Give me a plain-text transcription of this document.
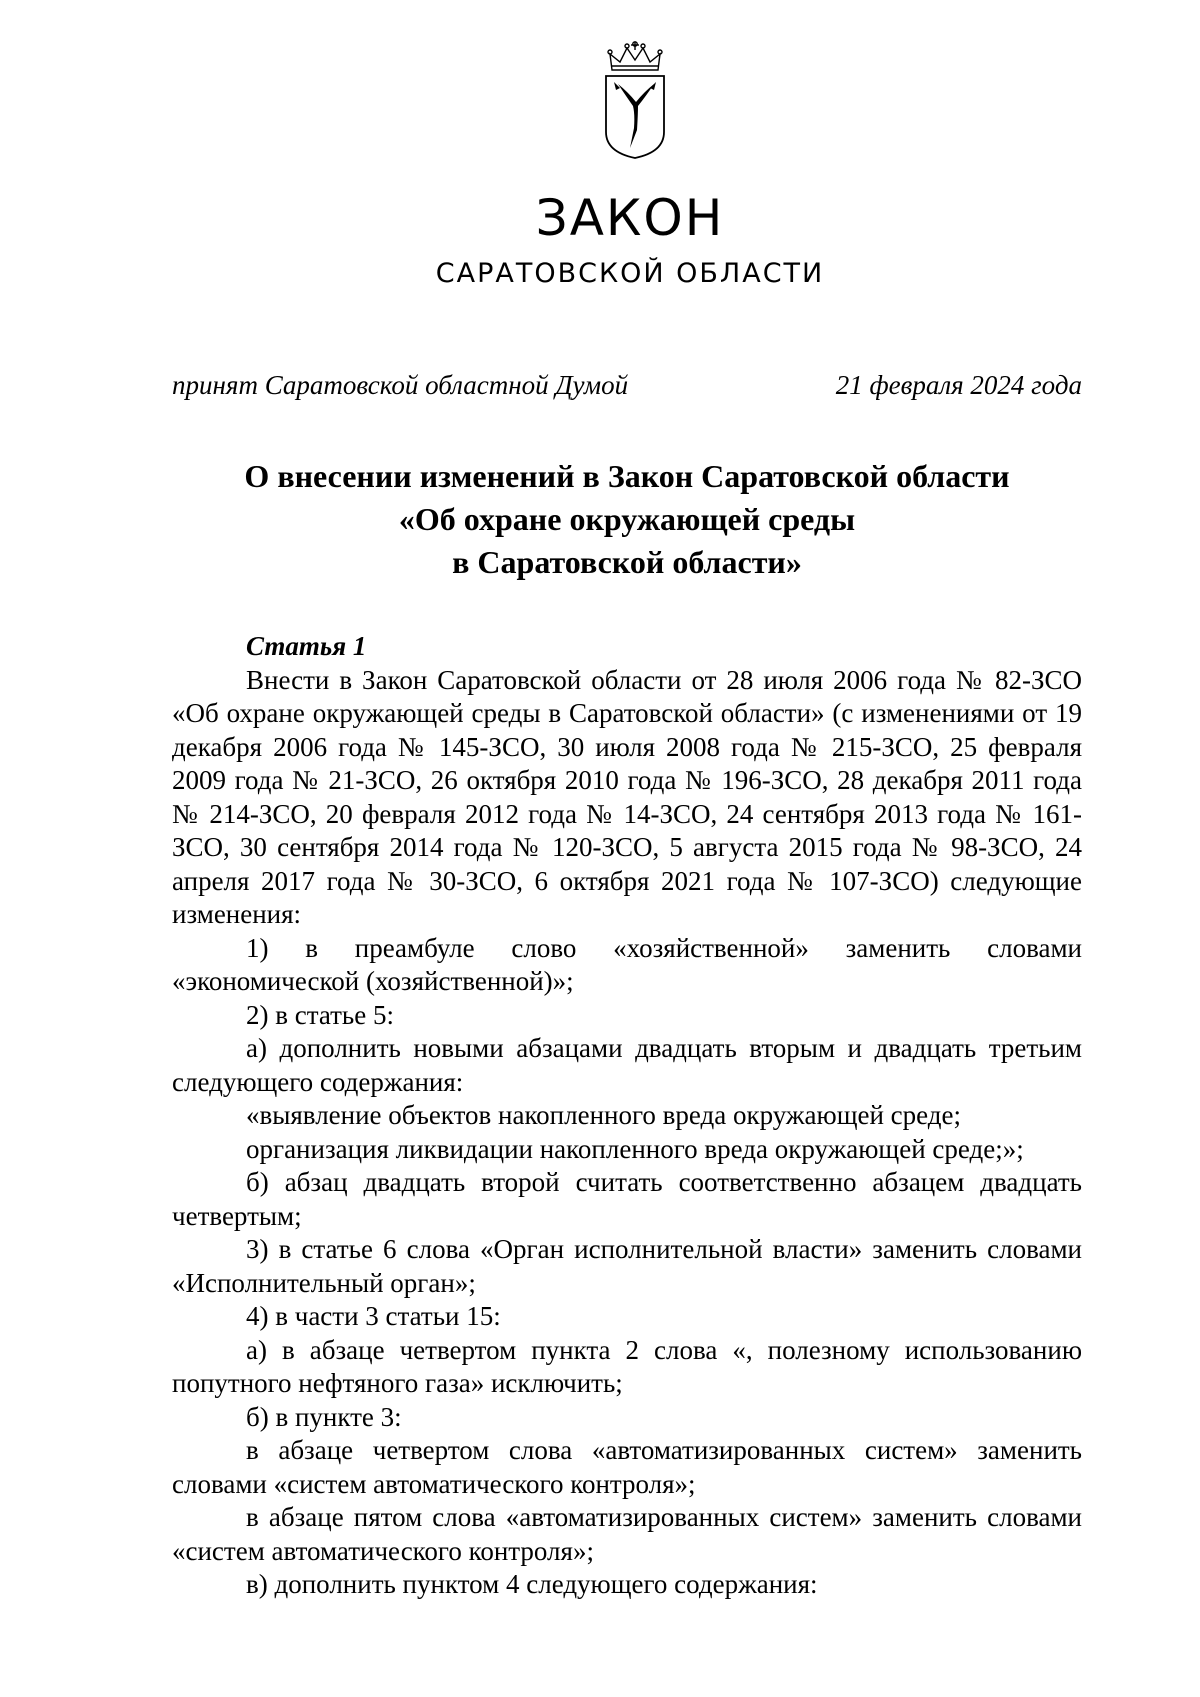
ЗАКОН
САРАТОВСКОЙ ОБЛАСТИ
принят Саратовской областной Думой	21 февраля 2024 года
О внесении изменений в Закон Саратовской области
«Об охране окружающей среды
в Саратовской области»

Статья 1

Внести в Закон Саратовской области от 28 июля 2006 года № 82-ЗСО «Об охране окружающей среды в Саратовской области» (с изменениями от 19 декабря 2006 года № 145-ЗСО, 30 июля 2008 года № 215-ЗСО, 25 февраля 2009 года № 21-ЗСО, 26 октября 2010 года № 196-ЗСО, 28 декабря 2011 года № 214-ЗСО, 20 февраля 2012 года № 14-ЗСО, 24 сентября 2013 года № 161-ЗСО, 30 сентября 2014 года № 120-ЗСО, 5 августа 2015 года № 98-ЗСО, 24 апреля 2017 года № 30-ЗСО, 6 октября 2021 года № 107-ЗСО) следующие изменения:

1) в преамбуле слово «хозяйственной» заменить словами «экономической (хозяйственной)»;

2) в статье 5:

а) дополнить новыми абзацами двадцать вторым и двадцать третьим следующего содержания:

«выявление объектов накопленного вреда окружающей среде;

организация ликвидации накопленного вреда окружающей среде;»;

б) абзац двадцать второй считать соответственно абзацем двадцать четвертым;

3) в статье 6 слова «Орган исполнительной власти» заменить словами «Исполнительный орган»;

4) в части 3 статьи 15:

а) в абзаце четвертом пункта 2 слова «, полезному использованию попутного нефтяного газа» исключить;

б) в пункте 3:

в абзаце четвертом слова «автоматизированных систем» заменить словами «систем автоматического контроля»;

в абзаце пятом слова «автоматизированных систем» заменить словами «систем автоматического контроля»;

в) дополнить пунктом 4 следующего содержания:
